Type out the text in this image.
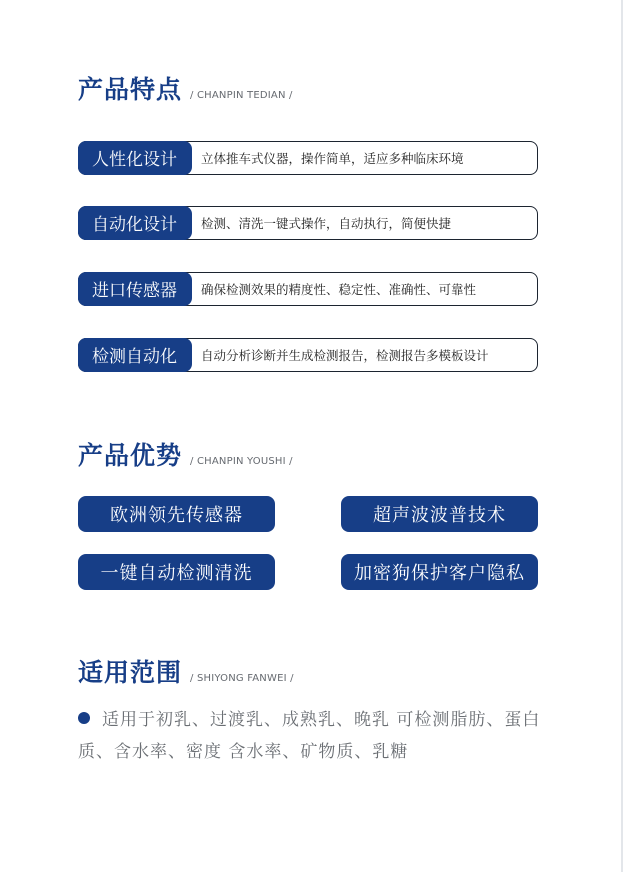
产品特点 / CHANPIN TEDIAN /
人性化设计	立体推车式仪器，操作简单，适应多种临床环境
自动化设计	检测、清洗一键式操作，自动执行，简便快捷
进口传感器	确保检测效果的精度性、稳定性、准确性、可靠性
检测自动化	自动分析诊断并生成检测报告，检测报告多模板设计
产品优势 / CHANPIN YOUSHI /
欧洲领先传感器	超声波波普技术
一键自动检测清洗	加密狗保护客户隐私
适用范围 / SHIYONG FANWEI /
适用于初乳、过渡乳、成熟乳、晚乳 可检测脂肪、蛋白质、含水率、密度 含水率、矿物质、乳糖
